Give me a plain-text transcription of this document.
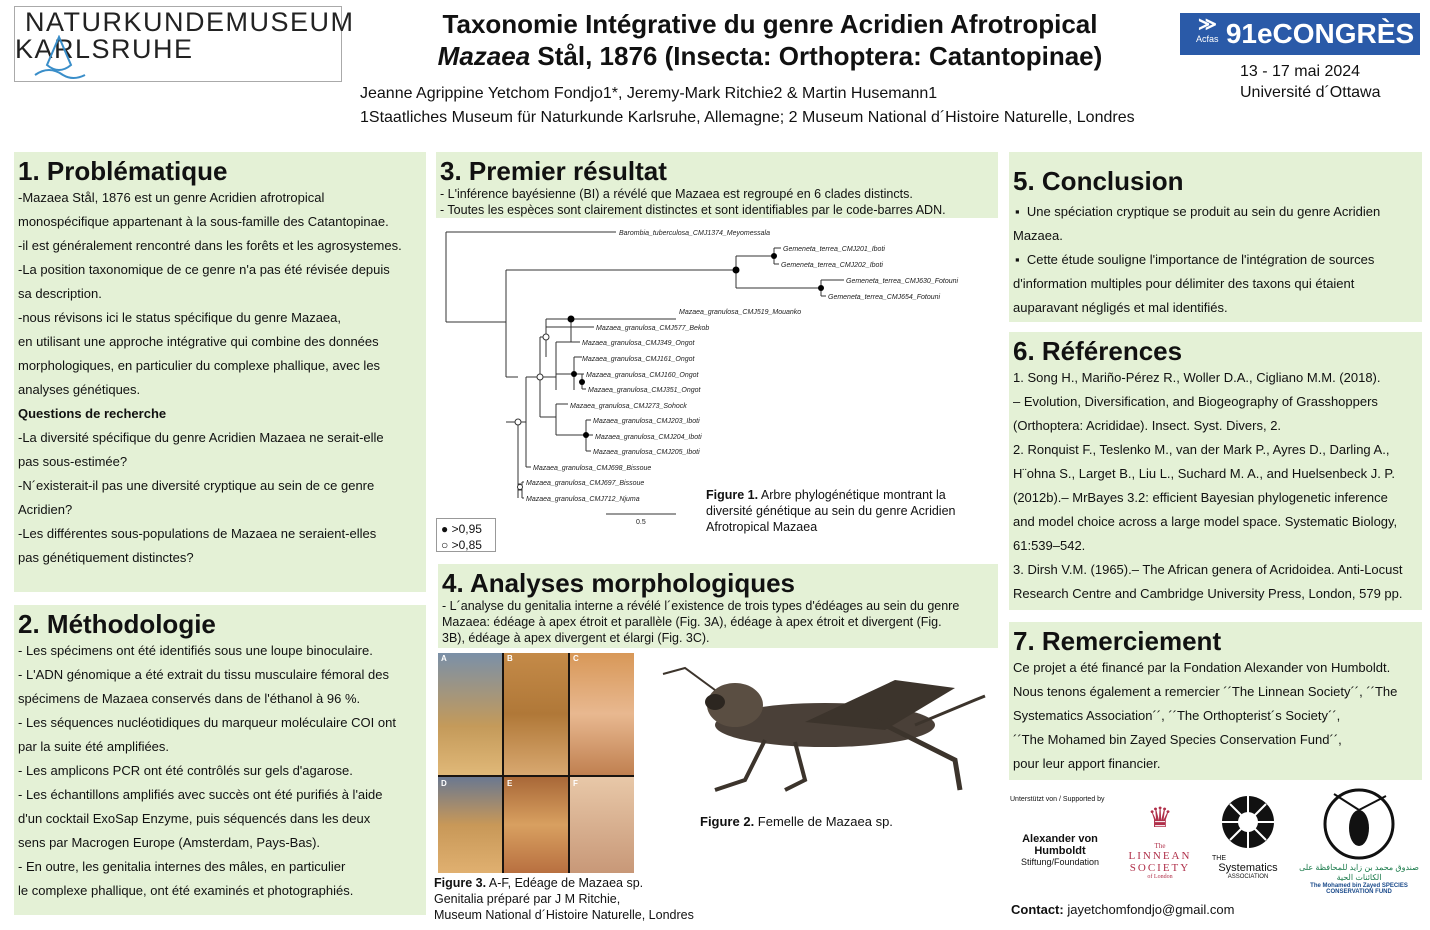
NATURKUNDEMUSEUM
KARLSRUHE
Taxonomie Intégrative du genre Acridien Afrotropical
Mazaea Stål, 1876 (Insecta: Orthoptera: Catantopinae)
Jeanne Agrippine Yetchom Fondjo1*, Jeremy-Mark Ritchie2 & Martin Husemann1
1Staatliches Museum für Naturkunde Karlsruhe, Allemagne; 2 Museum National d´Histoire Naturelle, Londres
Acfas
≫ 91eCONGRÈS
13 - 17 mai 2024
Université d´Ottawa
1. Problématique

-Mazaea Stål, 1876 est un genre Acridien afrotropical

monospécifique appartenant à la sous-famille des Catantopinae.

-il est généralement rencontré dans les forêts et les agrosystemes.

-La position taxonomique de ce genre n'a pas été révisée depuis

sa description.

-nous révisons ici le status spécifique du genre Mazaea,

en utilisant une approche intégrative qui combine des données

morphologiques, en particulier du complexe phallique, avec les

analyses génétiques.

Questions de recherche

-La diversité spécifique du genre Acridien Mazaea ne serait-elle

pas sous-estimée?

-N´existerait-il pas une diversité cryptique au sein de ce genre

Acridien?

-Les différentes sous-populations de Mazaea ne seraient-elles

pas génétiquement distinctes?

2. Méthodologie

- Les spécimens ont été identifiés sous une loupe binoculaire.

- L'ADN génomique a été extrait du tissu musculaire fémoral des

spécimens de Mazaea conservés dans de l'éthanol à 96 %.

- Les séquences nucléotidiques du marqueur moléculaire COI ont

par la suite été amplifiées.

- Les amplicons PCR ont été contrôlés sur gels d'agarose.

- Les échantillons amplifiés avec succès ont été purifiés à l'aide

d'un cocktail ExoSap Enzyme, puis séquencés dans les deux

sens par Macrogen Europe (Amsterdam, Pays-Bas).

- En outre, les genitalia internes des mâles, en particulier

le complexe phallique, ont été examinés et photographiés.

3. Premier résultat
- L'inférence bayésienne (BI) a révélé que Mazaea est regroupé en 6 clades distincts.
- Toutes les espèces sont clairement distinctes et sont identifiables par le code-barres ADN.
Barombia_tuberculosa_CMJ1374_Meyomessala
Gemeneta_terrea_CMJ201_Iboti
Gemeneta_terrea_CMJ202_Iboti
Gemeneta_terrea_CMJ630_Fotouni
Gemeneta_terrea_CMJ654_Fotouni
Mazaea_granulosa_CMJ519_Mouanko
Mazaea_granulosa_CMJ577_Bekob
Mazaea_granulosa_CMJ349_Ongot
Mazaea_granulosa_CMJ161_Ongot
Mazaea_granulosa_CMJ160_Ongot
Mazaea_granulosa_CMJ351_Ongot
Mazaea_granulosa_CMJ273_Sohock
Mazaea_granulosa_CMJ203_Iboti
Mazaea_granulosa_CMJ204_Iboti
Mazaea_granulosa_CMJ205_Iboti
Mazaea_granulosa_CMJ698_Bissoue
Mazaea_granulosa_CMJ697_Bissoue
Mazaea_granulosa_CMJ712_Njuma
0.5
● >0,95
○ >0,85
Figure 1. Arbre phylogénétique montrant la diversité génétique au sein du genre Acridien Afrotropical Mazaea
4. Analyses morphologiques
- L´analyse du genitalia interne a révélé l´existence de trois types d'édéages au sein du genre
Mazaea: édéage à apex étroit et parallèle (Fig. 3A), édéage à apex étroit et divergent (Fig.
3B), édéage à apex divergent et élargi (Fig. 3C).
A	B	C
D	E	F
Figure 2. Femelle de Mazaea sp.
Figure 3. A-F, Edéage de Mazaea sp.
Genitalia préparé par J M Ritchie,
Museum National d´Histoire Naturelle, Londres
5. Conclusion

▪ Une spéciation cryptique se produit au sein du genre Acridien Mazaea.

▪ Cette étude souligne l'importance de l'intégration de sources d'information multiples pour délimiter des taxons qui étaient auparavant négligés et mal identifiés.

6. Références

1. Song H., Mariño-Pérez R., Woller D.A., Cigliano M.M. (2018).

– Evolution, Diversification, and Biogeography of Grasshoppers

(Orthoptera: Acrididae). Insect. Syst. Divers, 2.

2. Ronquist F., Teslenko M., van der Mark P., Ayres D., Darling A.,

H¨ohna S., Larget B., Liu L., Suchard M. A., and Huelsenbeck J. P.

(2012b).– MrBayes 3.2: efficient Bayesian phylogenetic inference

and model choice across a large model space. Systematic Biology,

61:539–542.

3. Dirsh V.M. (1965).– The African genera of Acridoidea. Anti-Locust

Research Centre and Cambridge University Press, London, 579 pp.

7. Remerciement

Ce projet a été financé par la Fondation Alexander von Humboldt.

Nous tenons également a remercier ´´The Linnean Society´´, ´´The

Systematics Association´´, ´´The Orthopterist´s Society´´,

´´The Mohamed bin Zayed Species Conservation Fund´´,

pour leur apport financier.

Unterstützt von / Supported by
Alexander von Humboldt
Stiftung/Foundation
♛
The
LINNEAN
SOCIETY
of London
THE
Systematics
ASSOCIATION
صندوق محمد بن زايد للمحافظة على الكائنات الحية
The Mohamed bin Zayed SPECIES CONSERVATION FUND
Contact: jayetchomfondjo@gmail.com
